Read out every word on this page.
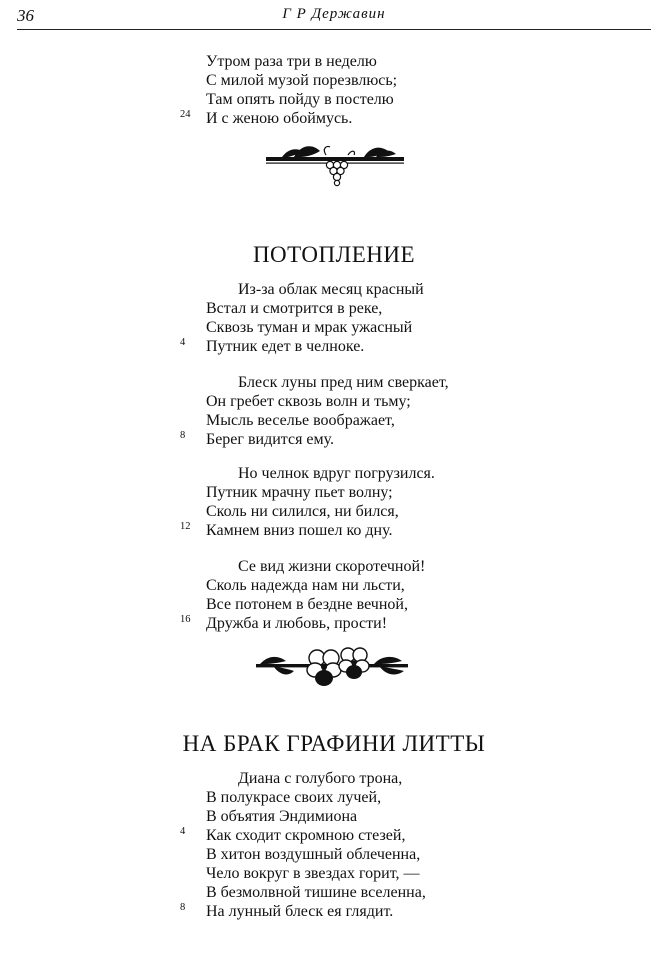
36	Г Р Державин
Утром раза три в неделю
С милой музой порезвлюсь;
Там опять пойду в постелю
24 И с женою обоймусь.
ПОТОПЛЕНИЕ
Из-за облак месяц красный
Встал и смотрится в реке,
Сквозь туман и мрак ужасный
4 Путник едет в челноке.
Блеск луны пред ним сверкает,
Он гребет сквозь волн и тьму;
Мысль веселье воображает,
8 Берег видится ему.
Но челнок вдруг погрузился.
Путник мрачну пьет волну;
Сколь ни силился, ни бился,
12 Камнем вниз пошел ко дну.
Се вид жизни скоротечной!
Сколь надежда нам ни льсти,
Все потонем в бездне вечной,
16 Дружба и любовь, прости!
НА БРАК ГРАФИНИ ЛИТТЫ
Диана с голубого трона,
В полукрасе своих лучей,
В объятия Эндимиона
4 Как сходит скромною стезей,
В хитон воздушный облеченна,
Чело вокруг в звездах горит, —
В безмолвной тишине вселенна,
8 На лунный блеск ея глядит.
